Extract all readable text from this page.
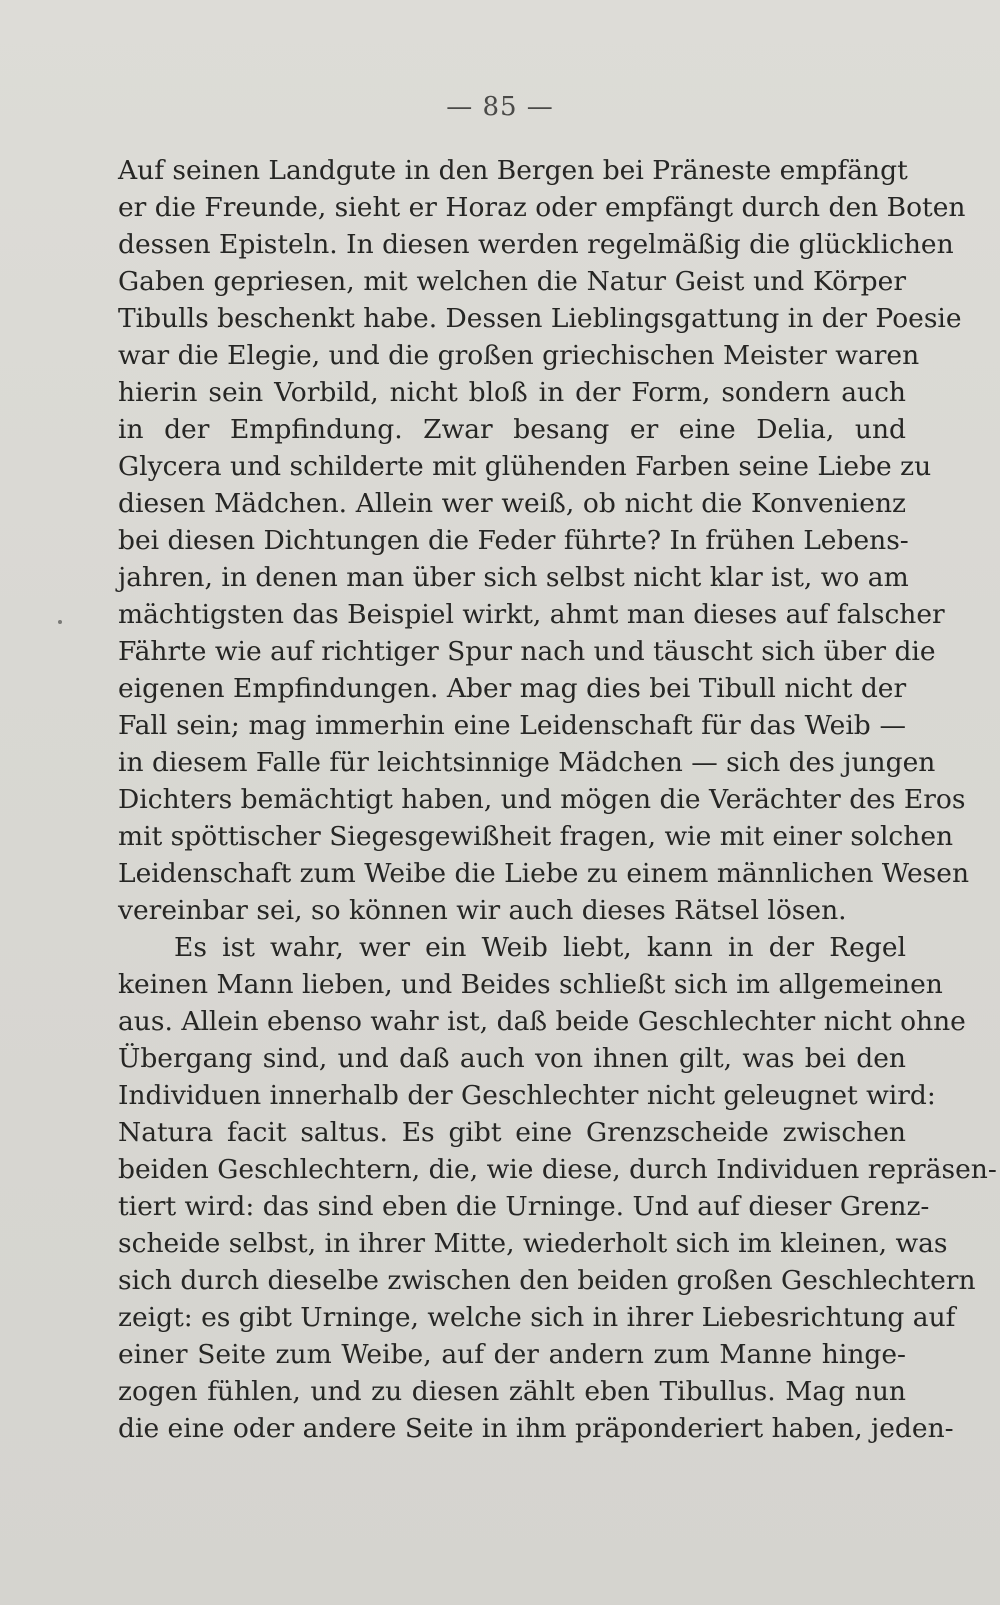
— 85 —
Auf seinen Landgute in den Bergen bei Präneste empfängt
er die Freunde, sieht er Horaz oder empfängt durch den Boten
dessen Episteln. In diesen werden regelmäßig die glücklichen
Gaben gepriesen, mit welchen die Natur Geist und Körper
Tibulls beschenkt habe. Dessen Lieblingsgattung in der Poesie
war die Elegie, und die großen griechischen Meister waren
hierin sein Vorbild, nicht bloß in der Form, sondern auch
in der Empfindung. Zwar besang er eine Delia, und
Glycera und schilderte mit glühenden Farben seine Liebe zu
diesen Mädchen. Allein wer weiß, ob nicht die Konvenienz
bei diesen Dichtungen die Feder führte? In frühen Lebens-
jahren, in denen man über sich selbst nicht klar ist, wo am
mächtigsten das Beispiel wirkt, ahmt man dieses auf falscher
Fährte wie auf richtiger Spur nach und täuscht sich über die
eigenen Empfindungen. Aber mag dies bei Tibull nicht der
Fall sein; mag immerhin eine Leidenschaft für das Weib —
in diesem Falle für leichtsinnige Mädchen — sich des jungen
Dichters bemächtigt haben, und mögen die Verächter des Eros
mit spöttischer Siegesgewißheit fragen, wie mit einer solchen
Leidenschaft zum Weibe die Liebe zu einem männlichen Wesen
vereinbar sei, so können wir auch dieses Rätsel lösen.
Es ist wahr, wer ein Weib liebt, kann in der Regel
keinen Mann lieben, und Beides schließt sich im allgemeinen
aus. Allein ebenso wahr ist, daß beide Geschlechter nicht ohne
Übergang sind, und daß auch von ihnen gilt, was bei den
Individuen innerhalb der Geschlechter nicht geleugnet wird:
Natura facit saltus. Es gibt eine Grenzscheide zwischen
beiden Geschlechtern, die, wie diese, durch Individuen repräsen-
tiert wird: das sind eben die Urninge. Und auf dieser Grenz-
scheide selbst, in ihrer Mitte, wiederholt sich im kleinen, was
sich durch dieselbe zwischen den beiden großen Geschlechtern
zeigt: es gibt Urninge, welche sich in ihrer Liebesrichtung auf
einer Seite zum Weibe, auf der andern zum Manne hinge-
zogen fühlen, und zu diesen zählt eben Tibullus. Mag nun
die eine oder andere Seite in ihm präponderiert haben, jeden-
